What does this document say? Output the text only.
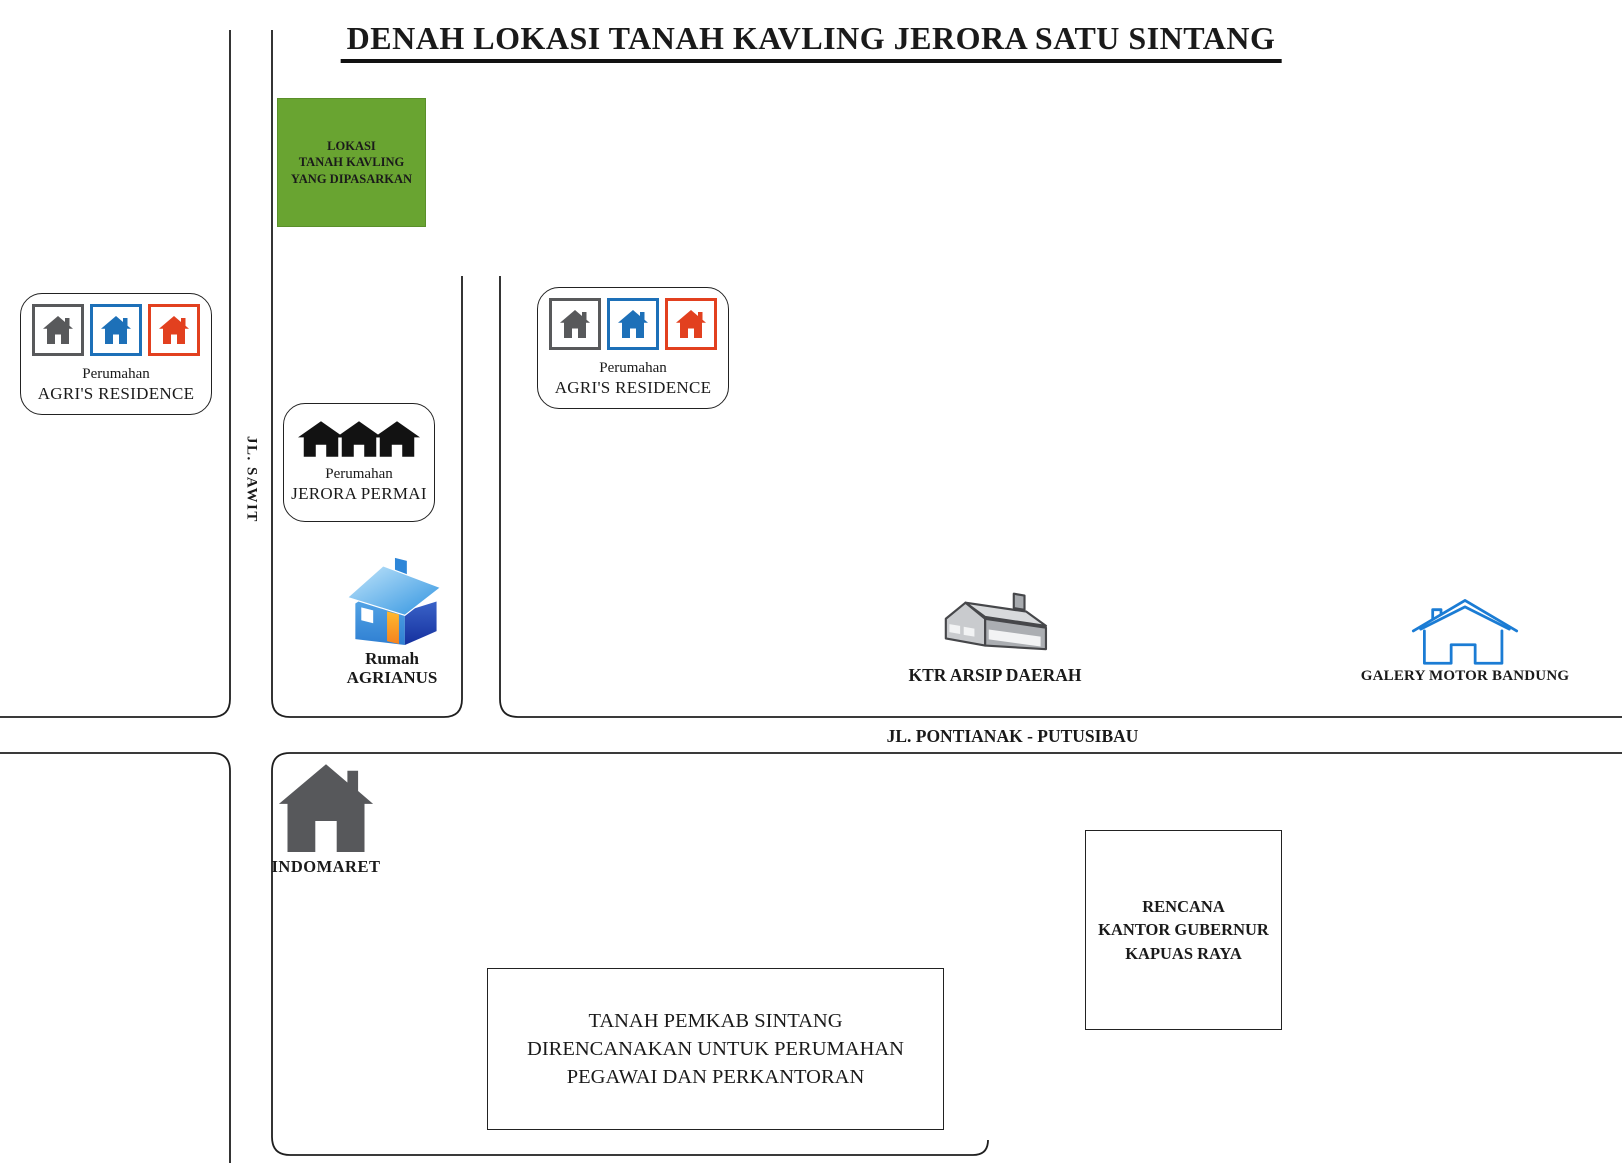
DENAH LOKASI TANAH KAVLING JERORA SATU SINTANG
JL. SAWIT
JL. PONTIANAK - PUTUSIBAU
LOKASI
TANAH KAVLING
YANG DIPASARKAN
Perumahan
AGRI'S RESIDENCE
Perumahan
AGRI'S RESIDENCE
Perumahan
JERORA PERMAI
Rumah
AGRIANUS	KTR ARSIP DAERAH	GALERY MOTOR BANDUNG
INDOMARET
RENCANA
KANTOR GUBERNUR
KAPUAS RAYA
TANAH PEMKAB SINTANG
DIRENCANAKAN UNTUK PERUMAHAN
PEGAWAI DAN PERKANTORAN
